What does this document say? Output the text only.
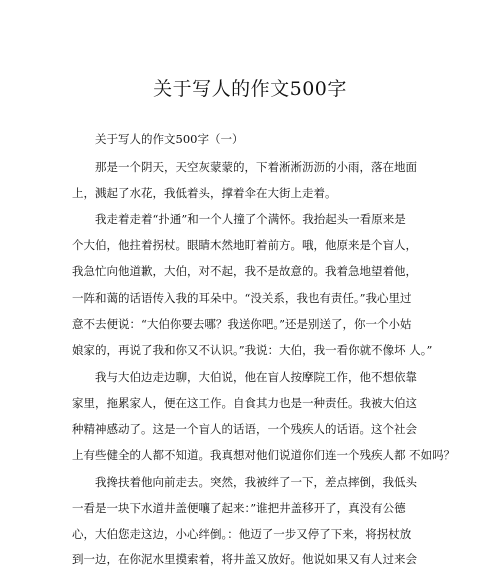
关于写人的作文500字
关于写人的作文500字（一）
那是一个阴天，天空灰蒙蒙的，下着淅淅沥沥的小雨，落在地面
上，溅起了水花，我低着头，撑着伞在大街上走着。
我走着走着“扑通”和一个人撞了个满怀。我抬起头一看原来是
个大伯，他拄着拐杖。眼睛木然地盯着前方。哦，他原来是个盲人，
我急忙向他道歉，大伯，对不起，我不是故意的。我着急地望着他，
一阵和蔼的话语传入我的耳朵中。“没关系，我也有责任。”我心里过
意不去便说：“大伯你要去哪？我送你吧。”还是别送了，你一个小姑
娘家的，再说了我和你又不认识。”我说：大伯，我一看你就不像坏 人。”
我与大伯边走边聊，大伯说，他在盲人按摩院工作，他不想依靠
家里，拖累家人，便在这工作。自食其力也是一种责任。我被大伯这
种精神感动了。这是一个盲人的话语，一个残疾人的话语。这个社会
上有些健全的人都不知道。我真想对他们说道你们连一个残疾人都 不如吗？
我搀扶着他向前走去。突然，我被绊了一下，差点摔倒，我低头
一看是一块下水道井盖便嚷了起来：”谁把井盖移开了，真没有公德
心，大伯您走这边，小心绊倒。：他迈了一步又停了下来，将拐杖放
到一边，在你泥水里摸索着，将井盖又放好。他说如果又有人过来会
